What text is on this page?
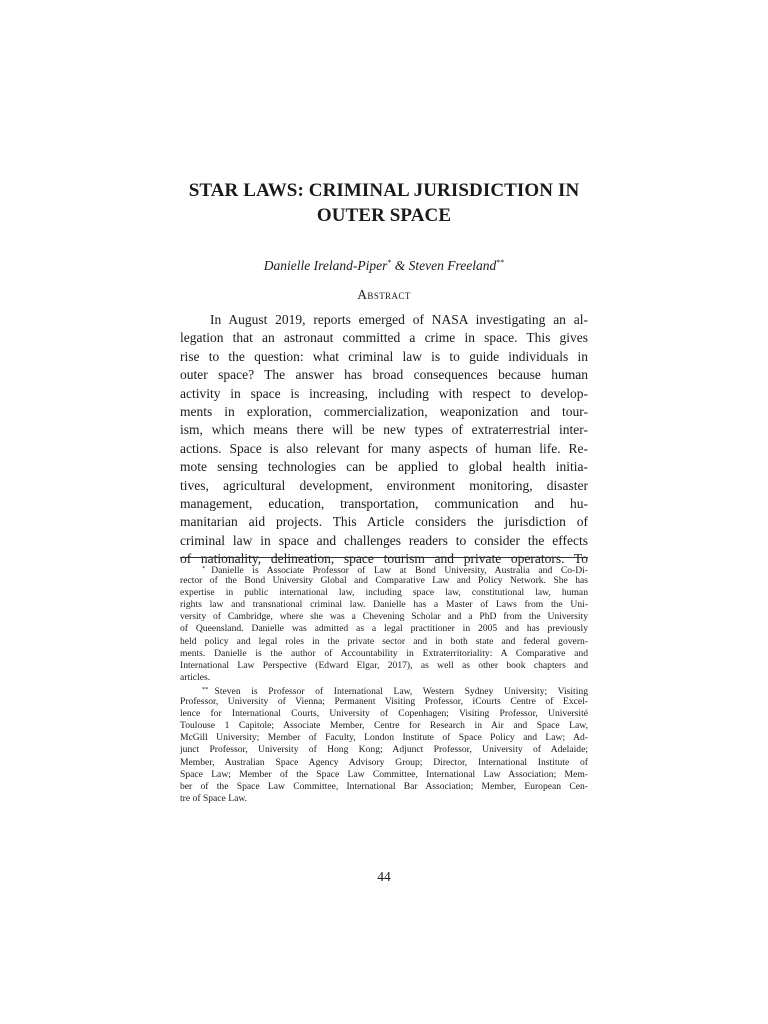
STAR LAWS: CRIMINAL JURISDICTION IN
OUTER SPACE
Danielle Ireland-Piper* & Steven Freeland**
Abstract
In August 2019, reports emerged of NASA investigating an al-
legation that an astronaut committed a crime in space. This gives
rise to the question: what criminal law is to guide individuals in
outer space? The answer has broad consequences because human
activity in space is increasing, including with respect to develop-
ments in exploration, commercialization, weaponization and tour-
ism, which means there will be new types of extraterrestrial inter-
actions. Space is also relevant for many aspects of human life. Re-
mote sensing technologies can be applied to global health initia-
tives, agricultural development, environment monitoring, disaster
management, education, transportation, communication and hu-
manitarian aid projects. This Article considers the jurisdiction of
criminal law in space and challenges readers to consider the effects
of nationality, delineation, space tourism and private operators. To
* Danielle is Associate Professor of Law at Bond University, Australia and Co-Di-
rector of the Bond University Global and Comparative Law and Policy Network. She has
expertise in public international law, including space law, constitutional law, human
rights law and transnational criminal law. Danielle has a Master of Laws from the Uni-
versity of Cambridge, where she was a Chevening Scholar and a PhD from the University
of Queensland. Danielle was admitted as a legal practitioner in 2005 and has previously
held policy and legal roles in the private sector and in both state and federal govern-
ments. Danielle is the author of Accountability in Extraterritoriality: A Comparative and
International Law Perspective (Edward Elgar, 2017), as well as other book chapters and
articles.
** Steven is Professor of International Law, Western Sydney University; Visiting
Professor, University of Vienna; Permanent Visiting Professor, iCourts Centre of Excel-
lence for International Courts, University of Copenhagen; Visiting Professor, Université
Toulouse 1 Capitole; Associate Member, Centre for Research in Air and Space Law,
McGill University; Member of Faculty, London Institute of Space Policy and Law; Ad-
junct Professor, University of Hong Kong; Adjunct Professor, University of Adelaide;
Member, Australian Space Agency Advisory Group; Director, International Institute of
Space Law; Member of the Space Law Committee, International Law Association; Mem-
ber of the Space Law Committee, International Bar Association; Member, European Cen-
tre of Space Law.
44
